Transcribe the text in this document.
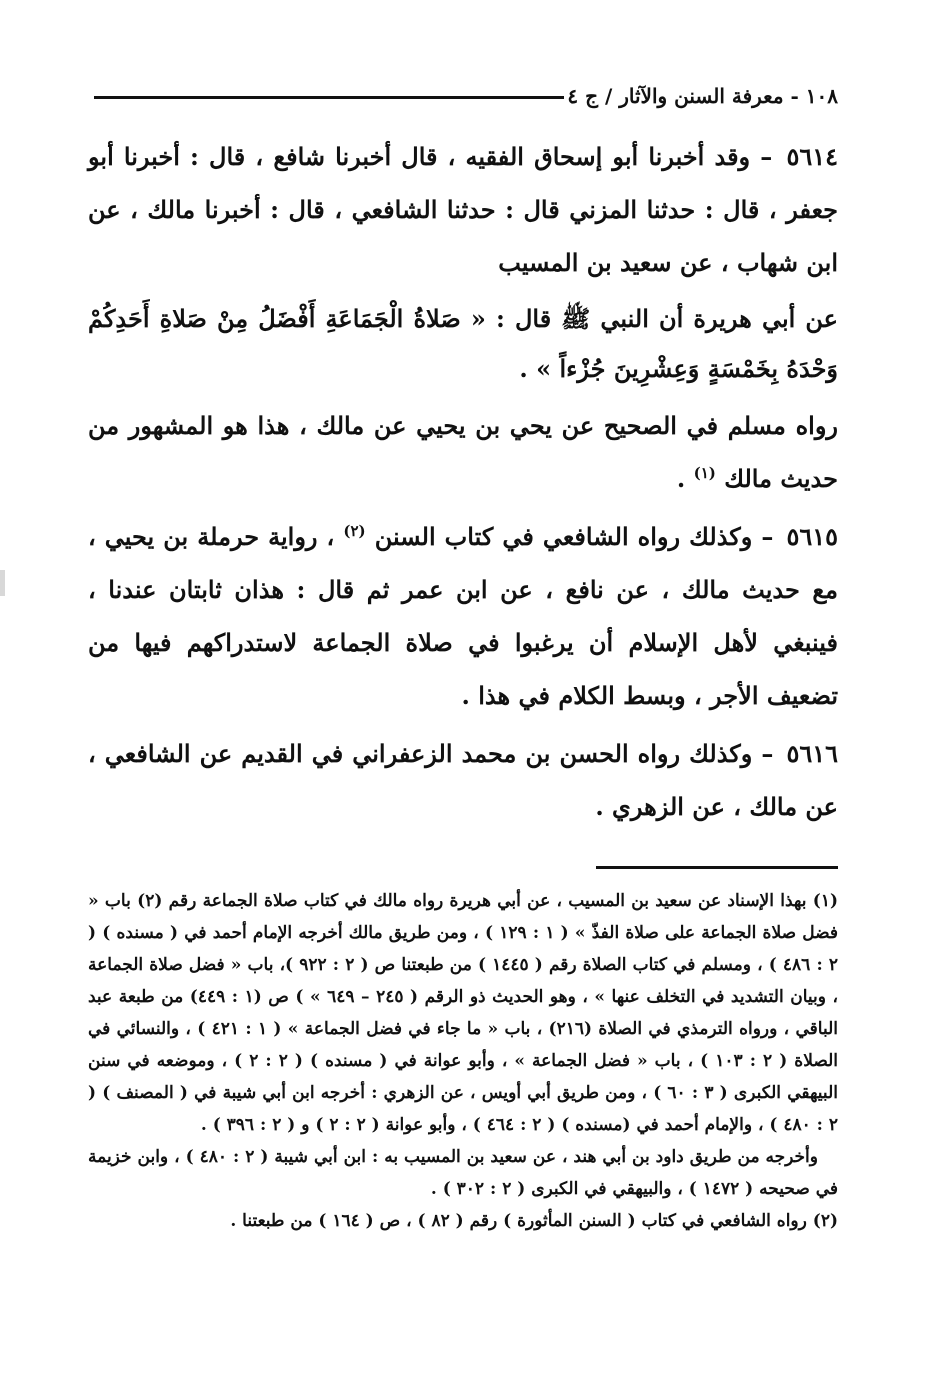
١٠٨ - معرفة السنن والآثار / ج ٤

٥٦١٤ – وقد أخبرنا أبو إسحاق الفقيه ، قال أخبرنا شافع ، قال : أخبرنا أبو جعفر ، قال : حدثنا المزني قال : حدثنا الشافعي ، قال : أخبرنا مالك ، عن ابن شهاب ، عن سعيد بن المسيب

عن أبي هريرة أن النبي ﷺ قال : « صَلاةُ الْجَمَاعَةِ أَفْضَلُ مِنْ صَلاةِ أَحَدِكُمْ وَحْدَهُ بِخَمْسَةٍ وَعِشْرِينَ جُزْءاً » .

رواه مسلم في الصحيح عن يحي بن يحيي عن مالك ، هذا هو المشهور من حديث مالك $^{(١)}$ .

٥٦١٥ – وكذلك رواه الشافعي في كتاب السنن $^{(٢)}$ ، رواية حرملة بن يحيي ، مع حديث مالك ، عن نافع ، عن ابن عمر ثم قال : هذان ثابتان عندنا ، فينبغي لأهل الإسلام أن يرغبوا في صلاة الجماعة لاستدراكهم فيها من تضعيف الأجر ، وبسط الكلام في هذا .

٥٦١٦ – وكذلك رواه الحسن بن محمد الزعفراني في القديم عن الشافعي ، عن مالك ، عن الزهري .

(١) بهذا الإسناد عن سعيد بن المسيب ، عن أبي هريرة رواه مالك في كتاب صلاة الجماعة رقم (٢) باب « فضل صلاة الجماعة على صلاة الفذّ » ( ١ : ١٢٩ ) ، ومن طريق مالك أخرجه الإمام أحمد في ( مسنده ) ( ٢ : ٤٨٦ ) ، ومسلم في كتاب الصلاة رقم ( ١٤٤٥ ) من طبعتنا ص ( ٢ : ٩٢٢ )، باب « فضل صلاة الجماعة ، وبيان التشديد في التخلف عنها » ، وهو الحديث ذو الرقم ( ٢٤٥ – ٦٤٩ » ) ص (١ : ٤٤٩) من طبعة عبد الباقي ، ورواه الترمذي في الصلاة (٢١٦) ، باب « ما جاء في فضل الجماعة » ( ١ : ٤٢١ ) ، والنسائي في الصلاة ( ٢ : ١٠٣ ) ، باب « فضل الجماعة » ، وأبو عوانة في ( مسنده ) ( ٢ : ٢ ) ، وموضعه في سنن البيهقي الكبرى ( ٣ : ٦٠ ) ، ومن طريق أبي أويس ، عن الزهري : أخرجه ابن أبي شيبة في ( المصنف ) ( ٢ : ٤٨٠ ) ، والإمام أحمد في (مسنده ) ( ٢ : ٤٦٤ ) ، وأبو عوانة ( ٢ : ٢ ) و ( ٢ : ٣٩٦ ) .

وأخرجه من طريق داود بن أبي هند ، عن سعيد بن المسيب به : ابن أبي شيبة ( ٢ : ٤٨٠ ) ، وابن خزيمة في صحيحه ( ١٤٧٢ ) ، والبيهقي في الكبرى ( ٢ : ٣٠٢ ) .

(٢) رواه الشافعي في كتاب ( السنن المأثورة ) رقم ( ٨٢ ) ، ص ( ١٦٤ ) من طبعتنا .
